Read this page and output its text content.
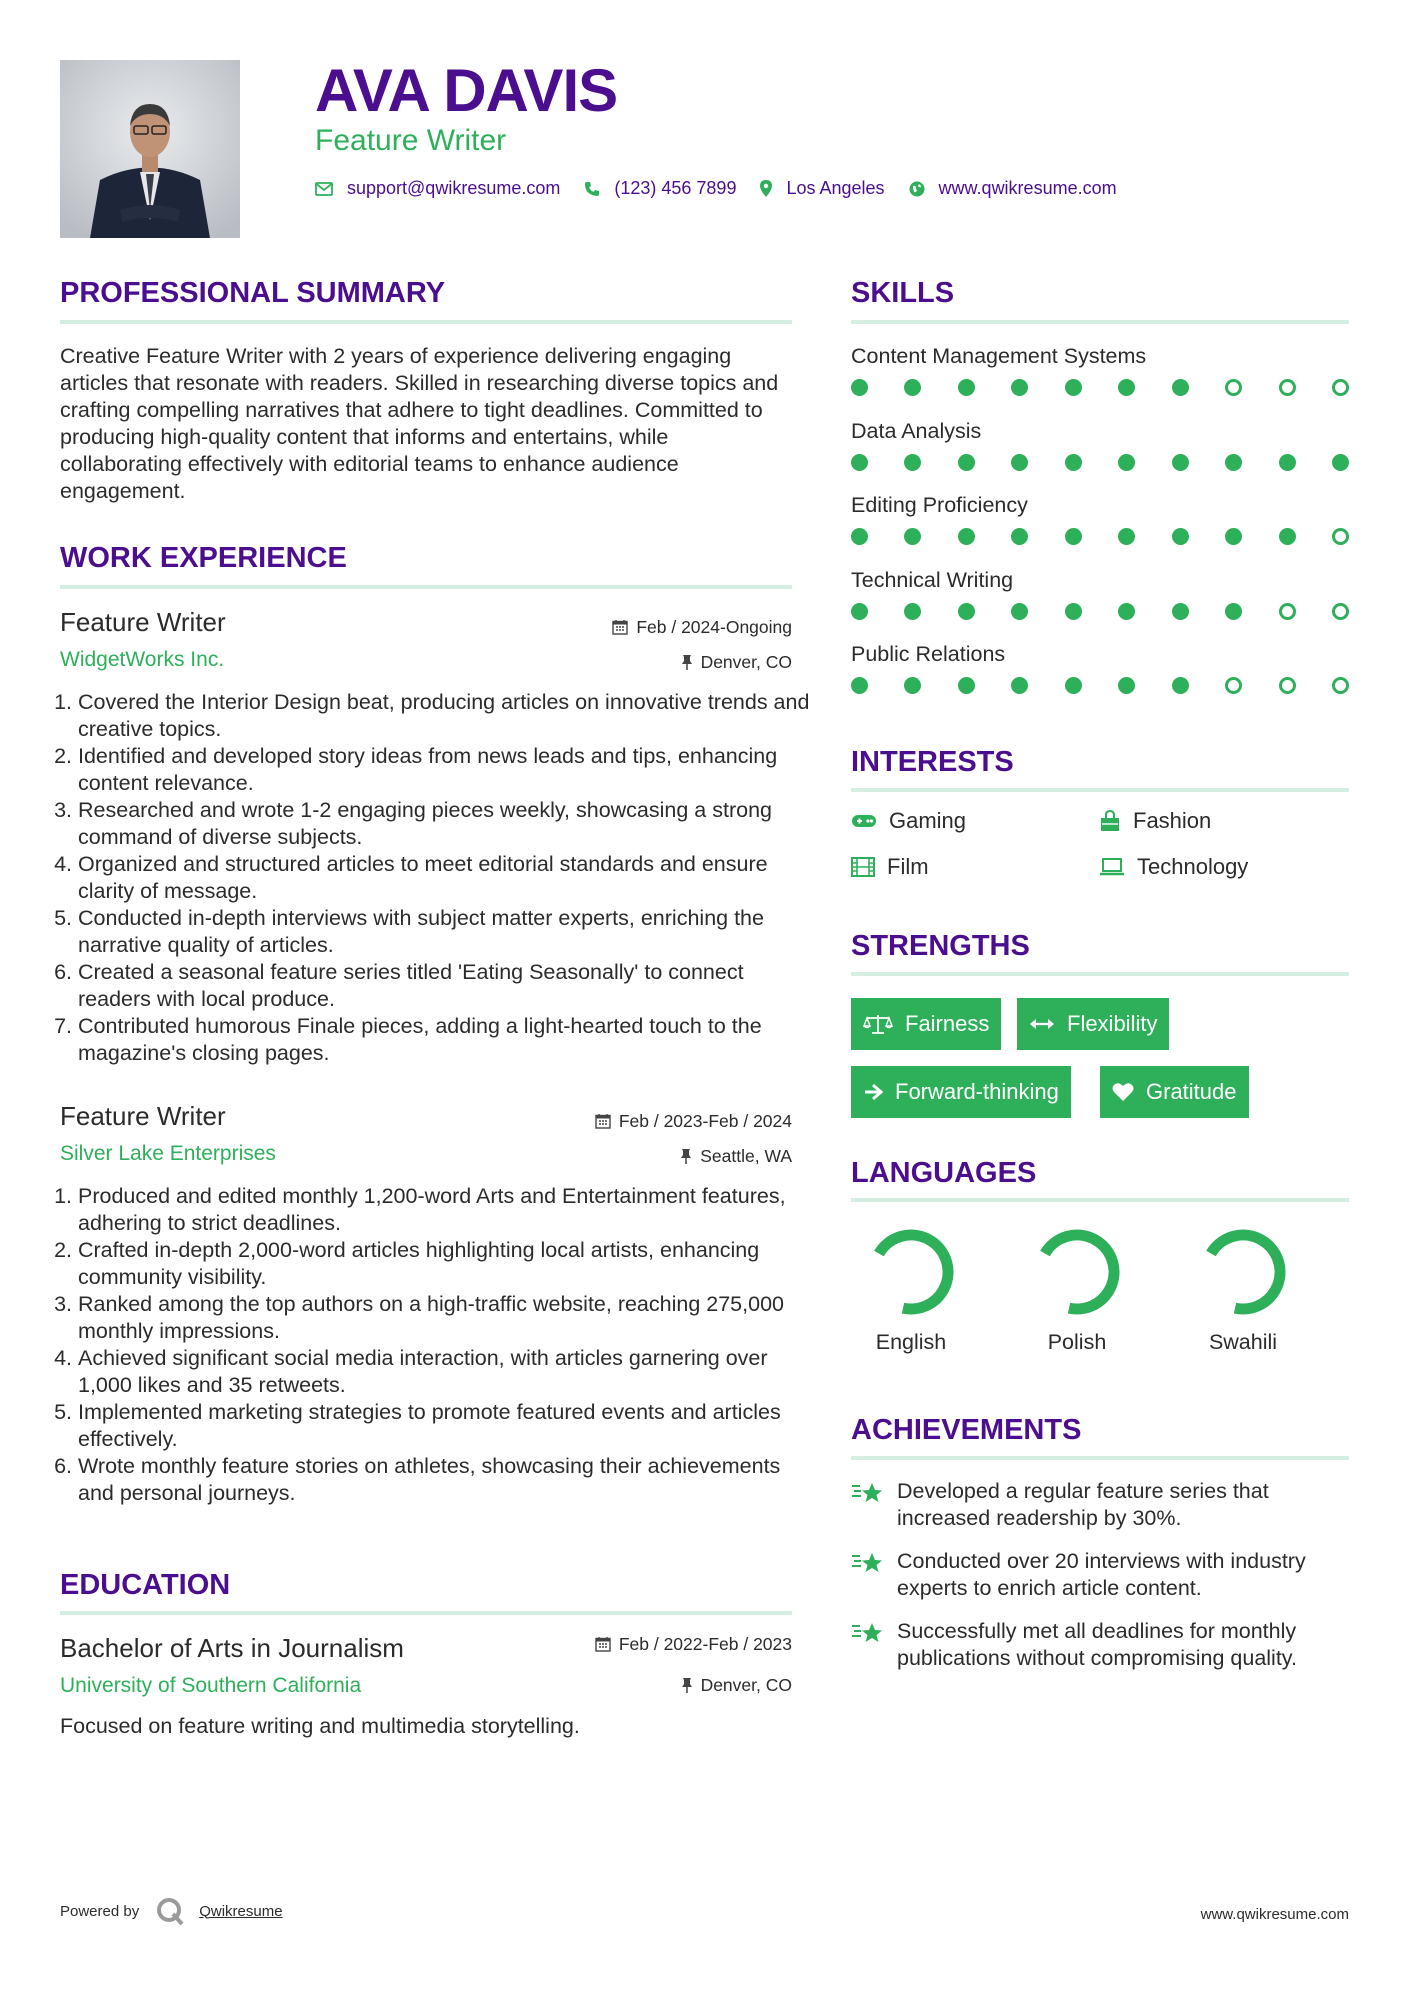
AVA DAVIS
Feature Writer
support@qwikresume.com	(123) 456 7899	Los Angeles	www.qwikresume.com
PROFESSIONAL SUMMARY
Creative Feature Writer with 2 years of experience delivering engaging articles that resonate with readers. Skilled in researching diverse topics and crafting compelling narratives that adhere to tight deadlines. Committed to producing high-quality content that informs and entertains, while collaborating effectively with editorial teams to enhance audience engagement.
WORK EXPERIENCE
Feature Writer
WidgetWorks Inc.
Feb / 2024-Ongoing
Denver, CO
1. Covered the Interior Design beat, producing articles on innovative trends and creative topics.
2. Identified and developed story ideas from news leads and tips, enhancing content relevance.
3. Researched and wrote 1-2 engaging pieces weekly, showcasing a strong command of diverse subjects.
4. Organized and structured articles to meet editorial standards and ensure clarity of message.
5. Conducted in-depth interviews with subject matter experts, enriching the narrative quality of articles.
6. Created a seasonal feature series titled 'Eating Seasonally' to connect readers with local produce.
7. Contributed humorous Finale pieces, adding a light-hearted touch to the magazine's closing pages.
Feature Writer
Silver Lake Enterprises
Feb / 2023-Feb / 2024
Seattle, WA
1. Produced and edited monthly 1,200-word Arts and Entertainment features, adhering to strict deadlines.
2. Crafted in-depth 2,000-word articles highlighting local artists, enhancing community visibility.
3. Ranked among the top authors on a high-traffic website, reaching 275,000 monthly impressions.
4. Achieved significant social media interaction, with articles garnering over 1,000 likes and 35 retweets.
5. Implemented marketing strategies to promote featured events and articles effectively.
6. Wrote monthly feature stories on athletes, showcasing their achievements and personal journeys.
EDUCATION
Bachelor of Arts in Journalism
University of Southern California
Feb / 2022-Feb / 2023
Denver, CO
Focused on feature writing and multimedia storytelling.
SKILLS
Content Management Systems
Data Analysis
Editing Proficiency
Technical Writing
Public Relations
INTERESTS
Gaming	Fashion
Film	Technology
STRENGTHS
Fairness	Flexibility
Forward-thinking	Gratitude
LANGUAGES
English	Polish	Swahili
ACHIEVEMENTS
Developed a regular feature series that increased readership by 30%.
Conducted over 20 interviews with industry experts to enrich article content.
Successfully met all deadlines for monthly publications without compromising quality.
Powered by	Qwikresume	www.qwikresume.com
